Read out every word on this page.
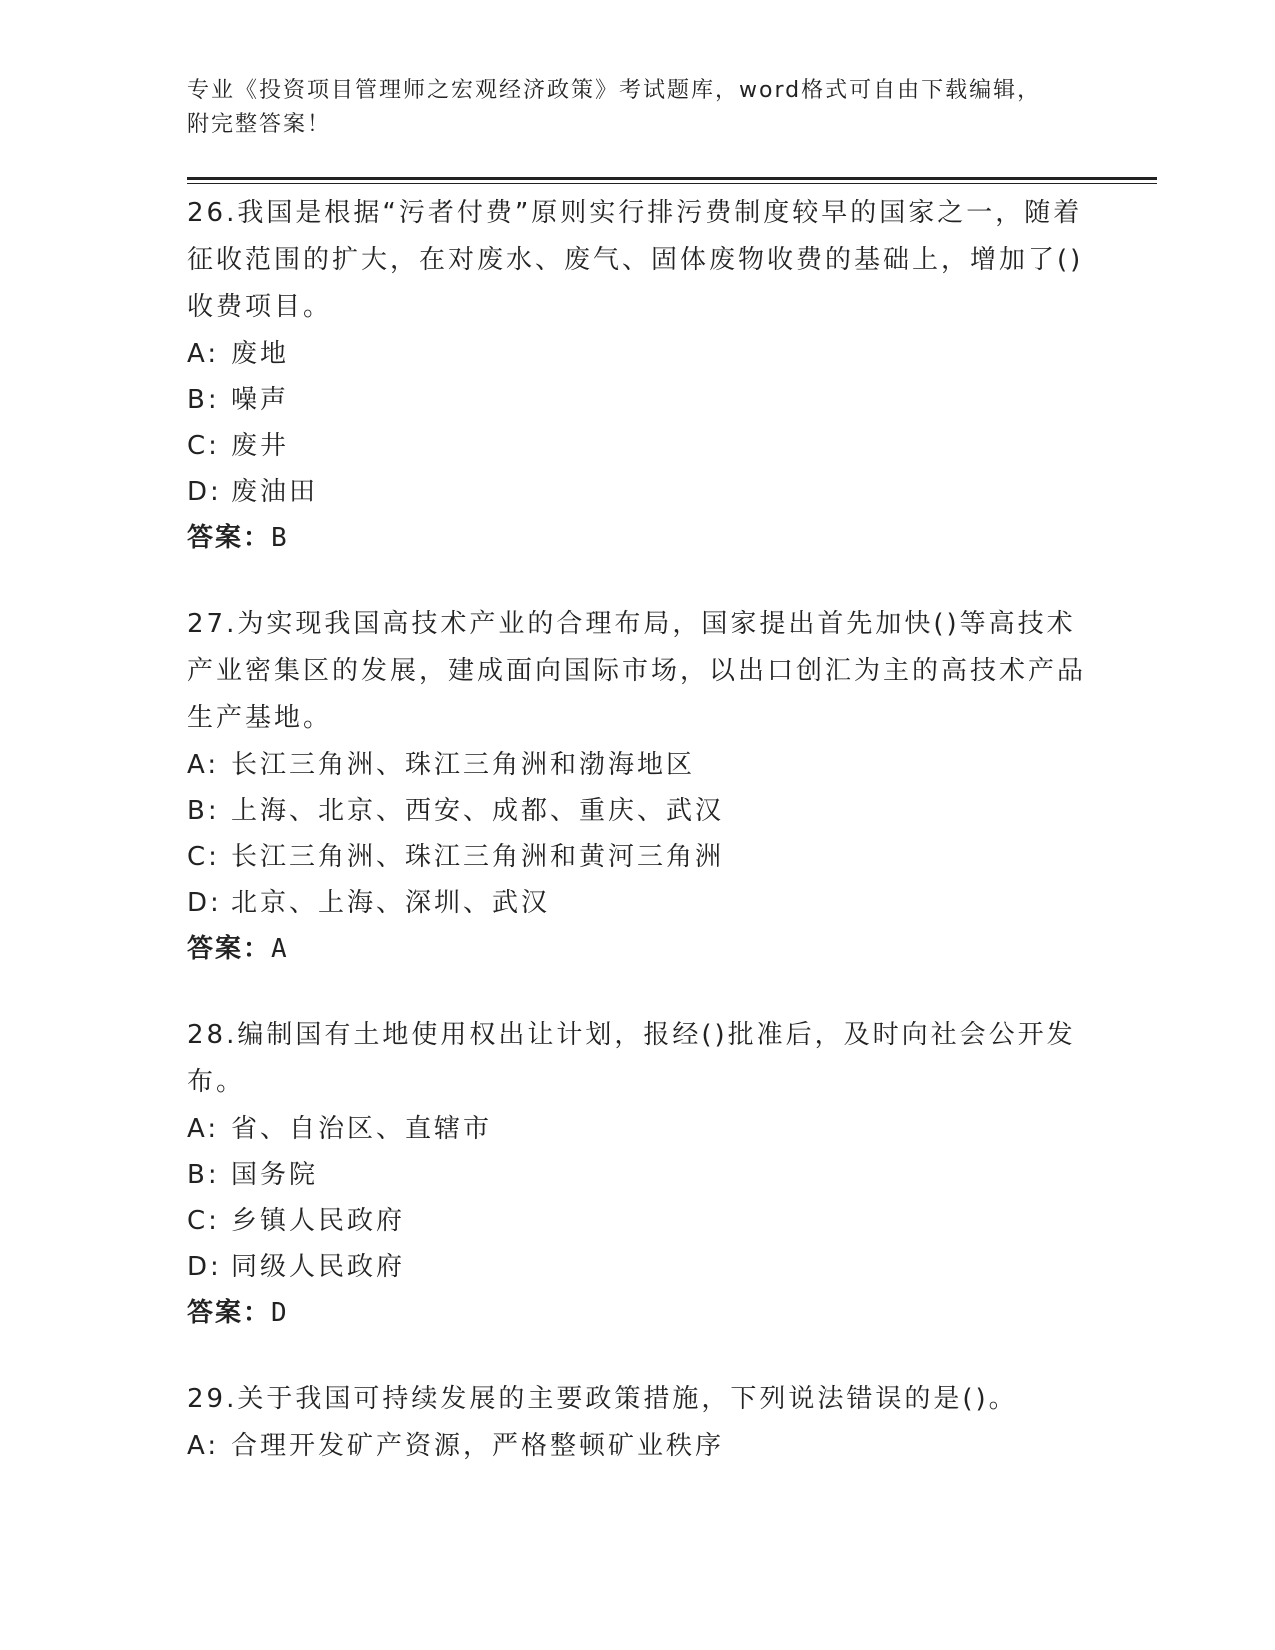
专业《投资项目管理师之宏观经济政策》考试题库，word格式可自由下载编辑，
附完整答案！

26.我国是根据“污者付费”原则实行排污费制度较早的国家之一，随着征收范围的扩大，在对废水、废气、固体废物收费的基础上，增加了()收费项目。

A: 废地

B: 噪声

C: 废井

D: 废油田

答案：B

27.为实现我国高技术产业的合理布局，国家提出首先加快()等高技术产业密集区的发展，建成面向国际市场，以出口创汇为主的高技术产品生产基地。

A: 长江三角洲、珠江三角洲和渤海地区

B: 上海、北京、西安、成都、重庆、武汉

C: 长江三角洲、珠江三角洲和黄河三角洲

D: 北京、上海、深圳、武汉

答案：A

28.编制国有土地使用权出让计划，报经()批准后，及时向社会公开发布。

A: 省、自治区、直辖市

B: 国务院

C: 乡镇人民政府

D: 同级人民政府

答案：D

29.关于我国可持续发展的主要政策措施，下列说法错误的是()。

A: 合理开发矿产资源，严格整顿矿业秩序
